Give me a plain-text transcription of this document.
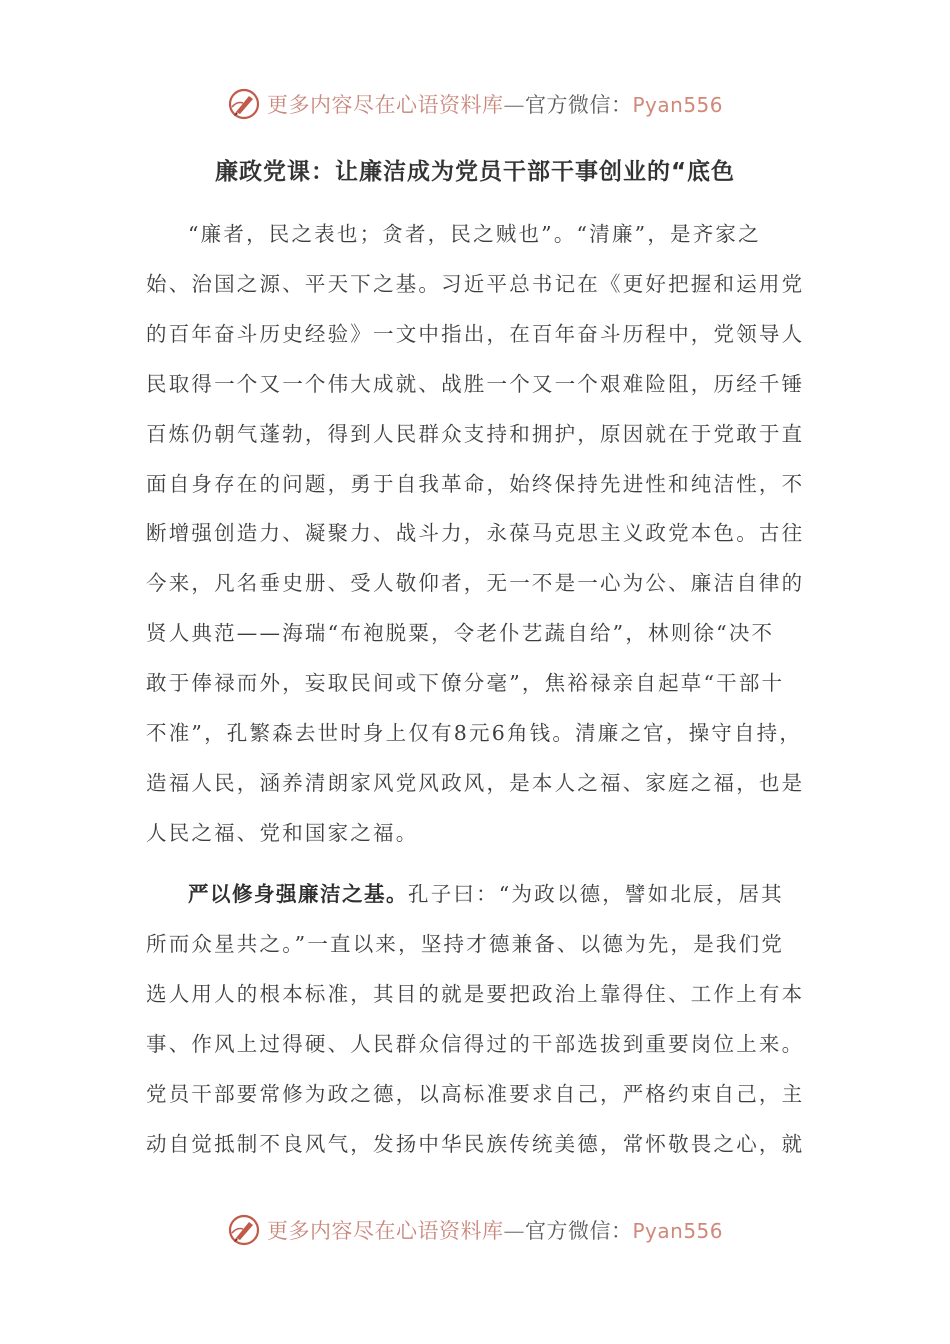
更多内容尽在心语资料库—官方微信：Pyan556
廉政党课：让廉洁成为党员干部干事创业的“底色
“廉者，民之表也；贪者，民之贼也”。“清廉”，是齐家之
始、治国之源、平天下之基。习近平总书记在《更好把握和运用党
的百年奋斗历史经验》一文中指出，在百年奋斗历程中，党领导人
民取得一个又一个伟大成就、战胜一个又一个艰难险阻，历经千锤
百炼仍朝气蓬勃，得到人民群众支持和拥护，原因就在于党敢于直
面自身存在的问题，勇于自我革命，始终保持先进性和纯洁性，不
断增强创造力、凝聚力、战斗力，永葆马克思主义政党本色。古往
今来，凡名垂史册、受人敬仰者，无一不是一心为公、廉洁自律的
贤人典范——海瑞“布袍脱粟，令老仆艺蔬自给”，林则徐“决不
敢于俸禄而外，妄取民间或下僚分毫”，焦裕禄亲自起草“干部十
不准”，孔繁森去世时身上仅有8元6角钱。清廉之官，操守自持，
造福人民，涵养清朗家风党风政风，是本人之福、家庭之福，也是
人民之福、党和国家之福。
严以修身强廉洁之基。孔子曰：“为政以德，譬如北辰，居其
所而众星共之。”一直以来，坚持才德兼备、以德为先，是我们党
选人用人的根本标准，其目的就是要把政治上靠得住、工作上有本
事、作风上过得硬、人民群众信得过的干部选拔到重要岗位上来。
党员干部要常修为政之德，以高标准要求自己，严格约束自己，主
动自觉抵制不良风气，发扬中华民族传统美德，常怀敬畏之心，就
更多内容尽在心语资料库—官方微信：Pyan556
